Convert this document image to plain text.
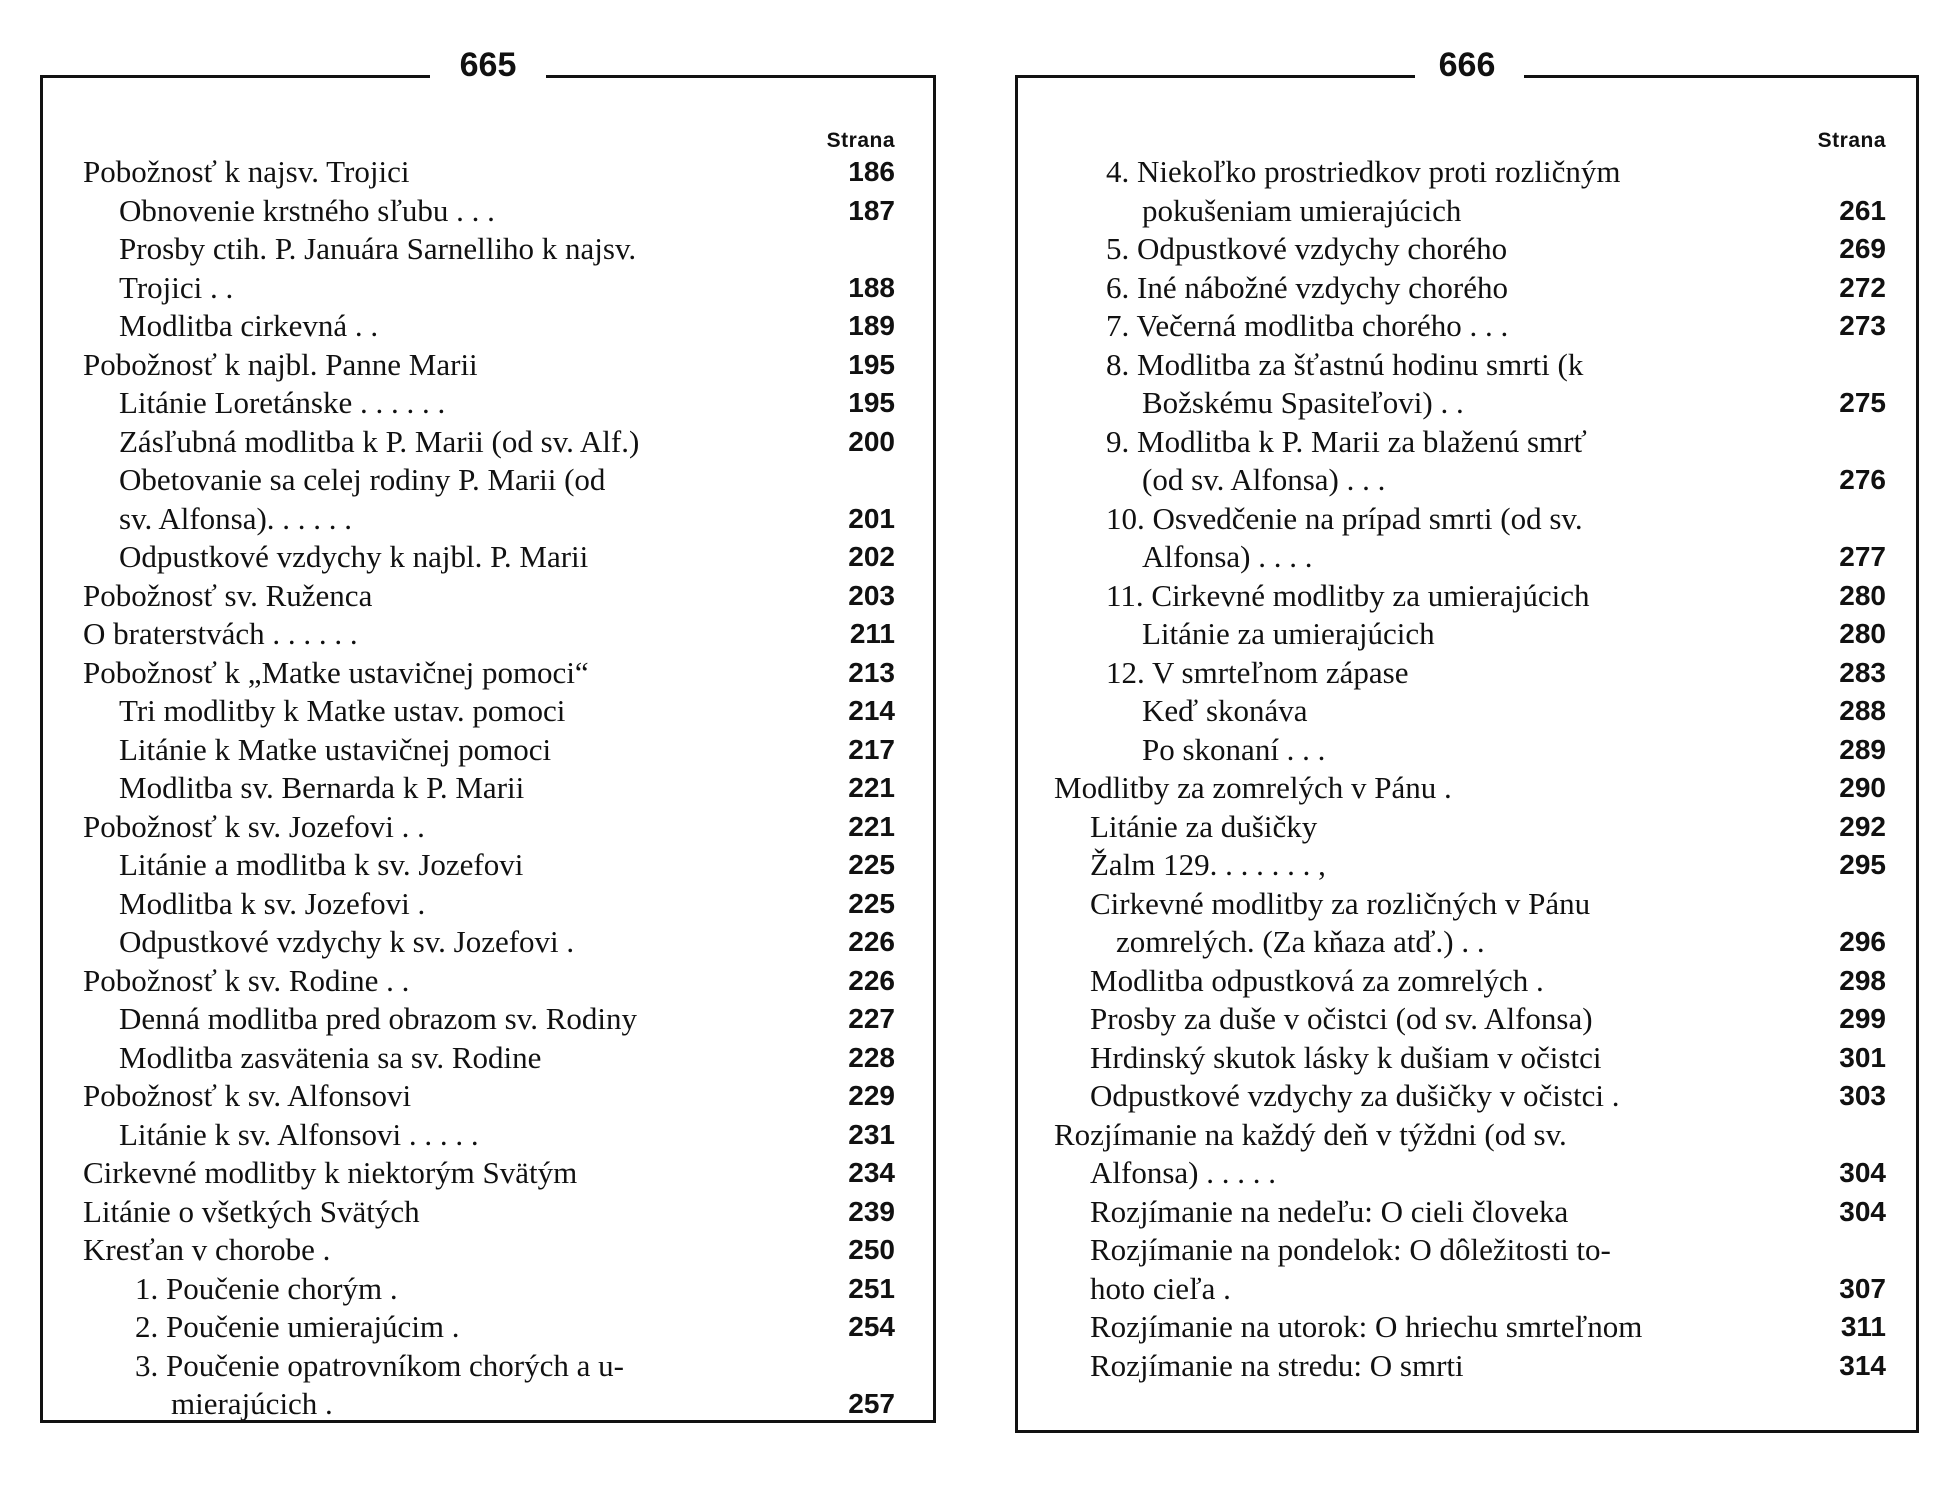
665
Strana
Pobožnosť k najsv. Trojici	186
Obnovenie krstného sľubu . . .	187
Prosby ctih. P. Januára Sarnelliho k najsv.
Trojici . .	188
Modlitba cirkevná . .	189
Pobožnosť k najbl. Panne Marii	195
Litánie Loretánske . . . . . .	195
Zásľubná modlitba k P. Marii (od sv. Alf.)	200
Obetovanie sa celej rodiny P. Marii (od
sv. Alfonsa). . . . . .	201
Odpustkové vzdychy k najbl. P. Marii	202
Pobožnosť sv. Ruženca	203
O braterstvách . . . . . .	211
Pobožnosť k „Matke ustavičnej pomoci“	213
Tri modlitby k Matke ustav. pomoci	214
Litánie k Matke ustavičnej pomoci	217
Modlitba sv. Bernarda k P. Marii	221
Pobožnosť k sv. Jozefovi . .	221
Litánie a modlitba k sv. Jozefovi	225
Modlitba k sv. Jozefovi .	225
Odpustkové vzdychy k sv. Jozefovi .	226
Pobožnosť k sv. Rodine . .	226
Denná modlitba pred obrazom sv. Rodiny	227
Modlitba zasvätenia sa sv. Rodine	228
Pobožnosť k sv. Alfonsovi	229
Litánie k sv. Alfonsovi . . . . .	231
Cirkevné modlitby k niektorým Svätým	234
Litánie o všetkých Svätých	239
Kresťan v chorobe .	250
1. Poučenie chorým .	251
2. Poučenie umierajúcim .	254
3. Poučenie opatrovníkom chorých a u-
mierajúcich .	257
666
Strana
4. Niekoľko prostriedkov proti rozličným
pokušeniam umierajúcich	261
5. Odpustkové vzdychy chorého	269
6. Iné nábožné vzdychy chorého	272
7. Večerná modlitba chorého . . .	273
8. Modlitba za šťastnú hodinu smrti (k
Božskému Spasiteľovi) . .	275
9. Modlitba k P. Marii za blaženú smrť
(od sv. Alfonsa) . . .	276
10. Osvedčenie na prípad smrti (od sv.
Alfonsa) . . . .	277
11. Cirkevné modlitby za umierajúcich	280
Litánie za umierajúcich	280
12. V smrteľnom zápase	283
Keď skonáva	288
Po skonaní . . .	289
Modlitby za zomrelých v Pánu .	290
Litánie za dušičky	292
Žalm 129. . . . . . . ,	295
Cirkevné modlitby za rozličných v Pánu
zomrelých. (Za kňaza atď.) . .	296
Modlitba odpustková za zomrelých .	298
Prosby za duše v očistci (od sv. Alfonsa)	299
Hrdinský skutok lásky k dušiam v očistci	301
Odpustkové vzdychy za dušičky v očistci .	303
Rozjímanie na každý deň v týždni (od sv.
Alfonsa) . . . . .	304
Rozjímanie na nedeľu: O cieli človeka	304
Rozjímanie na pondelok: O dôležitosti to-
hoto cieľa .	307
Rozjímanie na utorok: O hriechu smrteľnom	311
Rozjímanie na stredu: O smrti	314
